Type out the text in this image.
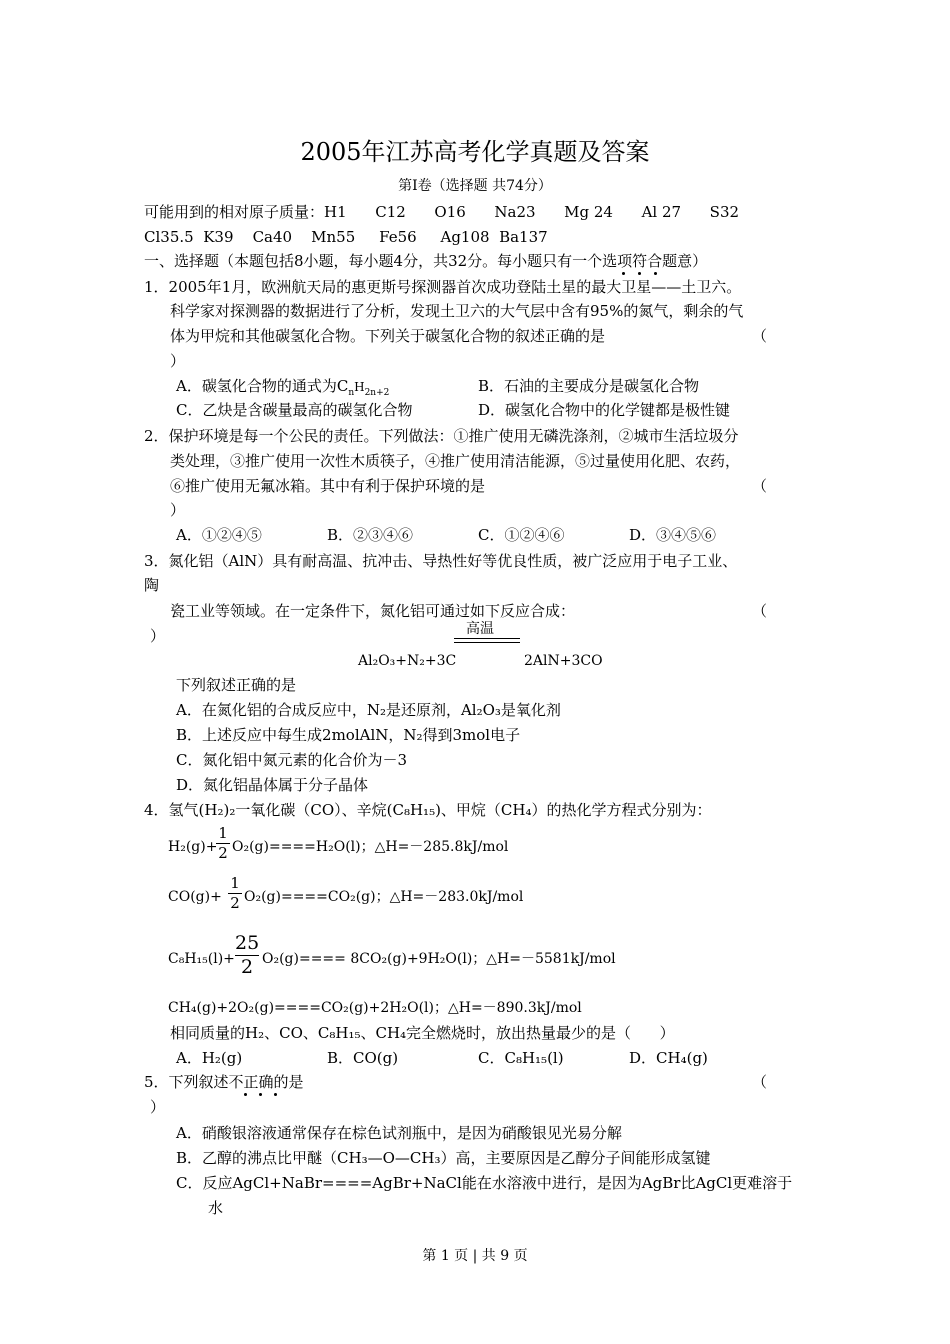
2005年江苏高考化学真题及答案
第Ⅰ卷（选择题 共74分）
可能用到的相对原子质量：H1      C12      O16      Na23      Mg 24      Al 27      S32
Cl35.5  K39    Ca40    Mn55     Fe56     Ag108  Ba137
一、选择题（本题包括8小题，每小题4分，共32分。每小题只有一个选项符合题意）
1．2005年1月，欧洲航天局的惠更斯号探测器首次成功登陆土星的最大卫星——土卫六。
科学家对探测器的数据进行了分析，发现土卫六的大气层中含有95%的氮气，剩余的气
体为甲烷和其他碳氢化合物。下列关于碳氢化合物的叙述正确的是	（
）
A．碳氢化合物的通式为$C_nH_{2n+2}$	B．石油的主要成分是碳氢化合物
C．乙炔是含碳量最高的碳氢化合物	D．碳氢化合物中的化学键都是极性键
2．保护环境是每一个公民的责任。下列做法：①推广使用无磷洗涤剂，②城市生活垃圾分
类处理，③推广使用一次性木质筷子，④推广使用清洁能源，⑤过量使用化肥、农药，
⑥推广使用无氟冰箱。其中有利于保护环境的是	（
）
A．①②④⑤	B．②③④⑥	C．①②④⑥	D．③④⑤⑥
3．氮化铝（AlN）具有耐高温、抗冲击、导热性好等优良性质，被广泛应用于电子工业、
陶
瓷工业等领域。在一定条件下，氮化铝可通过如下反应合成：	（
）	高温
Al₂O₃+N₂+3C	2AlN+3CO
下列叙述正确的是
A．在氮化铝的合成反应中，N₂是还原剂，Al₂O₃是氧化剂
B．上述反应中每生成2molAlN，N₂得到3mol电子
C．氮化铝中氮元素的化合价为－3
D．氮化铝晶体属于分子晶体
4．氢气(H₂)₂一氧化碳（CO）、辛烷(C₈H₁₅)、甲烷（CH₄）的热化学方程式分别为：
H₂(g)+
1
2 O₂(g)====H₂O(l)；△H=－285.8kJ/mol
CO(g)+
1
2 O₂(g)====CO₂(g)；△H=－283.0kJ/mol
C₈H₁₅(l)+
25
2 O₂(g)==== 8CO₂(g)+9H₂O(l)；△H=－5581kJ/mol
CH₄(g)+2O₂(g)====CO₂(g)+2H₂O(l)；△H=－890.3kJ/mol
相同质量的H₂、CO、C₈H₁₅、CH₄完全燃烧时，放出热量最少的是（      ）
A．H₂(g)	B．CO(g)	C．C₈H₁₅(l)	D．CH₄(g)
5．下列叙述不正确的是	（
）
A．硝酸银溶液通常保存在棕色试剂瓶中，是因为硝酸银见光易分解
B．乙醇的沸点比甲醚（CH₃—O—CH₃）高，主要原因是乙醇分子间能形成氢键
C．反应AgCl+NaBr====AgBr+NaCl能在水溶液中进行，是因为AgBr比AgCl更难溶于
水
第 1 页 | 共 9 页
